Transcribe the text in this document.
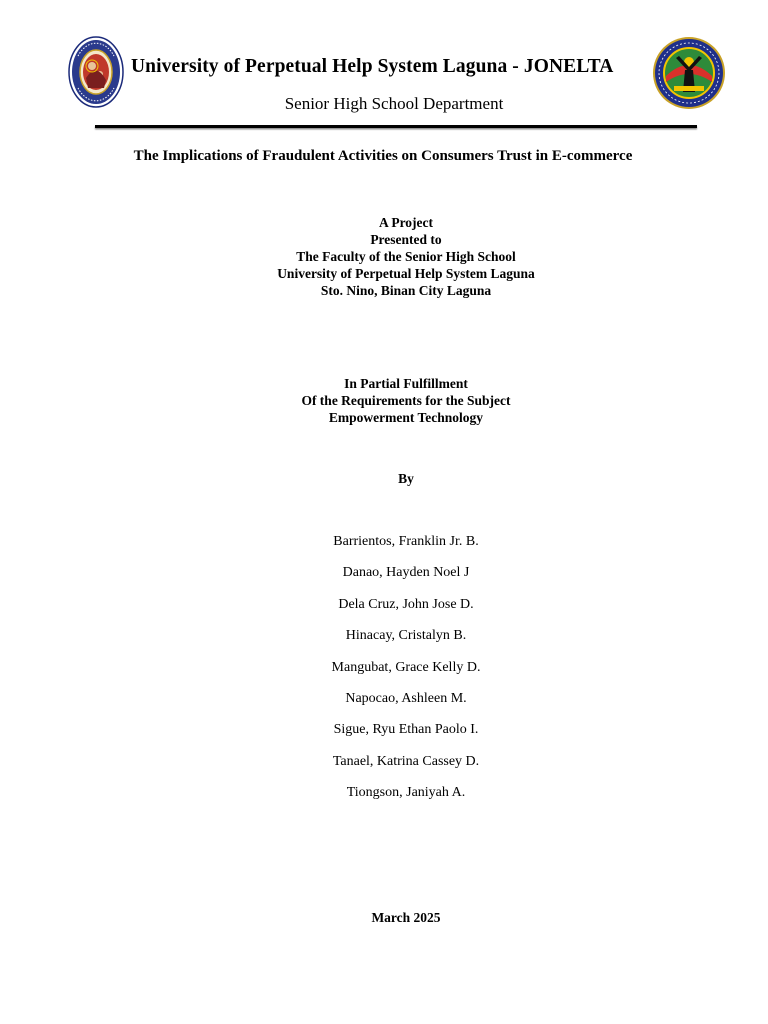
University of Perpetual Help System Laguna - JONELTA
Senior High School Department
The Implications of Fraudulent Activities on Consumers Trust in E-commerce
A Project
Presented to
The Faculty of the Senior High School
University of Perpetual Help System Laguna
Sto. Nino, Binan City Laguna
In Partial Fulfillment
Of the Requirements for the Subject
Empowerment Technology
By
Barrientos, Franklin Jr. B.
Danao, Hayden Noel J
Dela Cruz, John Jose D.
Hinacay, Cristalyn B.
Mangubat, Grace Kelly D.
Napocao, Ashleen M.
Sigue, Ryu Ethan Paolo I.
Tanael, Katrina Cassey D.
Tiongson, Janiyah A.
March 2025
